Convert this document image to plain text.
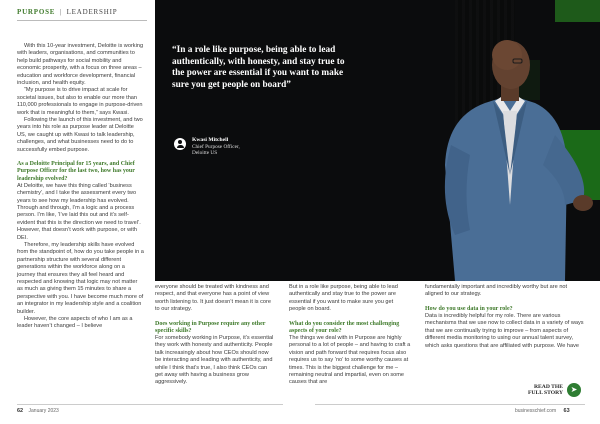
PURPOSE | LEADERSHIP

With this 10-year investment, Deloitte is working with leaders, organisations, and communities to help build pathways for social mobility and economic prosperity, with a focus on three areas – education and workforce development, financial inclusion, and health equity.

“My purpose is to drive impact at scale for societal issues, but also to enable our more than 110,000 professionals to engage in purpose-driven work that is meaningful to them,” says Kwasi.

Following the launch of this investment, and two years into his role as purpose leader at Deloitte US, we caught up with Kwasi to talk leadership, challenges, and what businesses need to do to successfully embed purpose.

As a Deloitte Principal for 15 years, and Chief Purpose Officer for the last two, how has your leadership evolved?

At Deloitte, we have this thing called ‘business chemistry’, and I take the assessment every two years to see how my leadership has evolved. Through and through, I’m a logic and a process person. I’m like, ‘I’ve laid this out and it’s self-evident that this is the direction we need to travel’. However, that doesn’t work with purpose, or with DEI.

Therefore, my leadership skills have evolved from the standpoint of, how do you take people in a partnership structure with several different generations within the workforce along on a journey that ensures they all feel heard and respected and knowing that logic may not matter as much as giving them 15 minutes to share a perspective with you. I have become much more of an integrator in my leadership style and a coalition builder.

However, the core aspects of who I am as a leader haven’t changed – I believe

“In a role like purpose, being able to lead authentically, with honesty, and stay true to the power are essential if you want to make sure you get people on board”
Kwasi Mitchell
Chief Purpose Officer,
Deloitte US

everyone should be treated with kindness and respect, and that everyone has a point of view worth listening to. It just doesn’t mean it is core to our strategy.

Does working in Purpose require any other specific skills?

For somebody working in Purpose, it’s essential they work with honesty and authenticity. People talk increasingly about how CEOs should now be interacting and leading with authenticity, and while I think that’s true, I also think CEOs can get away with having a business grow aggressively.

But in a role like purpose, being able to lead authentically and stay true to the power are essential if you want to make sure you get people on board.

What do you consider the most challenging aspects of your role?

The things we deal with in Purpose are highly personal to a lot of people – and having to craft a vision and path forward that requires focus also requires us to say ‘no’ to some worthy causes at times. This is the biggest challenge for me – remaining neutral and impartial, even on some causes that are

fundamentally important and incredibly worthy but are not aligned to our strategy.

How do you use data in your role?

Data is incredibly helpful for my role. There are various mechanisms that we use now to collect data in a variety of ways that we are continually trying to improve – from aspects of different media monitoring to using our annual talent survey, which asks questions that are affiliated with purpose. We have

READ THE
FULL STORY ➤
62 January 2023	businesschief.com 63
